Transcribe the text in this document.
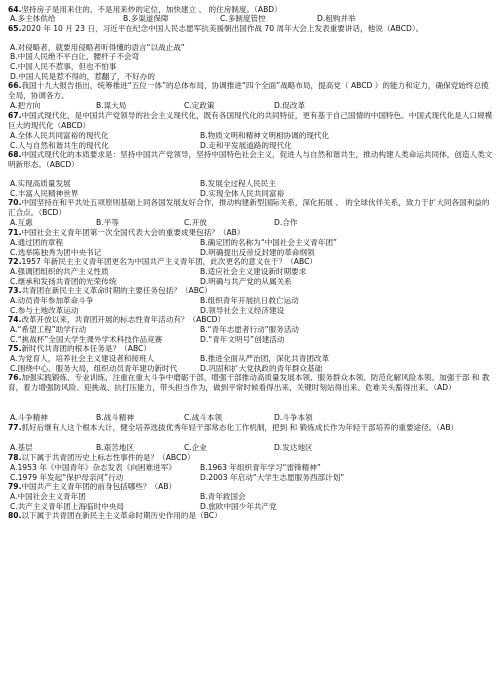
64.坚持房子是用来住的、不是用来炒的定位，加快建立 、 的住房制度。（ABD）
A.多主体供给	B.多渠道保障	C.多制度管控	D.租购并举
65.2020 年 10 月 23 日，习近平在纪念中国人民志愿军抗美援朝出国作战 70 周年大会上发表重要讲话，他说（ABCD）。
A.对侵略者，就要用侵略者听得懂的语言“以战止战”
B.中国人民绝不平白让，腰杆子不会弯
C.中国人民不惹事，但也不怕事
D.中国人民是惹不得的，惹翻了，不好办的
66.我国十九大报告指出，统筹推进“五位一体”的总体布局，协调推进“四个全面”战略布局，提高党（ ABCD ）的能力和定力，确保党始终总揽全局，协调各方。
A.把方向	B.谋大局	C.定政策	D.促改革
67.中国式现代化，是中国共产党领导的社会主义现代化，既有各国现代化的共同特征，更有基于自己国情的中国特色。中国式现代化是人口规模巨大的现代化（ABCD）
A.全体人民共同富裕的现代化	B.物质文明和精神文明相协调的现代化
C.人与自然和谐共生的现代化	D.走和平发展道路的现代化
68.中国式现代化的本质要求是：坚持中国共产党领导，坚持中国特色社会主义，促进人与自然和谐共生，推动构建人类命运共同体，创造人类文明新形态。（ABCD）
A.实现高质量发展	B.发展全过程人民民主
C.丰富人民精神世界	D.实现全体人民共同富裕
70.中国坚持在和平共处五项原则基础上同各国发展友好合作，推动构建新型国际关系，深化拓展 、 的全球伙伴关系，致力于扩大同各国利益的汇合点。（BCD）
A.互惠	B.平等	C.开放	D.合作
71.中国社会主义青年团第一次全国代表大会的重要成果包括？（AB）
A.通过团的章程	B.确定团的名称为“中国社会主义青年团”
C.选举陈独秀为团中央书记	D.明确提出反帝反封建的革命纲领
72.1957 年新民主主义青年团更名为中国共产主义青年团，此次更名的意义在于？（ABC）
A.强调团组织的共产主义性质	B.适应社会主义建设新时期要求
C.继承和发扬共青团的光荣传统	D.明确与共产党的从属关系
73.共青团在新民主主义革命时期的主要任务包括？（ABC）
A.动员青年参加革命斗争	B.组织青年开展抗日救亡运动
C.参与土地改革运动	D.领导社会主义经济建设
74.改革开放以来，共青团开展的标志性青年活动有？（ABCD）
A.“希望工程”助学行动	B.“青年志愿者行动”服务活动
C.“挑战杯”全国大学生课外学术科技作品竞赛	D.“青年文明号”创建活动
75.新时代共青团的根本任务是？（ABC）
A.为党育人，培养社会主义建设者和接班人	B.推进全面从严治团，深化共青团改革
C.围绕中心、服务大局，组织动员青年建功新时代	D.巩固和扩大党执政的青年群众基础
76.加强实践锻炼、专业训练，注重在重大斗争中磨砺干部，增强干部推动高质量发展本领、服务群众本领、防范化解风险本领。加强干部 和 教育，着力增强防风险、迎挑战、抗打压能力，带头担当作为，做到平常时候看得出来、关键时刻站得出来、危难关头豁得出来。（AD）
A.斗争精神	B.战斗精神	C.战斗本领	D.斗争本领
77.抓好后继有人这个根本大计，健全培养选拔优秀年轻干部常态化工作机制，把到 和 锻炼成长作为年轻干部培养的重要途径。（AB）
A.基层	B.艰苦地区	C.企业	D.发达地区
78.以下属于共青团历史上标志性事件的是？（ABCD）
A.1953 年《中国青年》杂志发表《向困难进军》	B.1963 年组织青年学习“雷锋精神”
C.1979 年发起“保护母亲河”行动	D.2003 年启动“大学生志愿服务西部计划”
79.中国共产主义青年团的前身包括哪些？（AB）
A.中国社会主义青年团	B.青年救国会
C.共产主义青年团上海临时中央局	D.旅欧中国少年共产党
80.以下属于共青团在新民主主义革命时期历史作用的是（BC）
